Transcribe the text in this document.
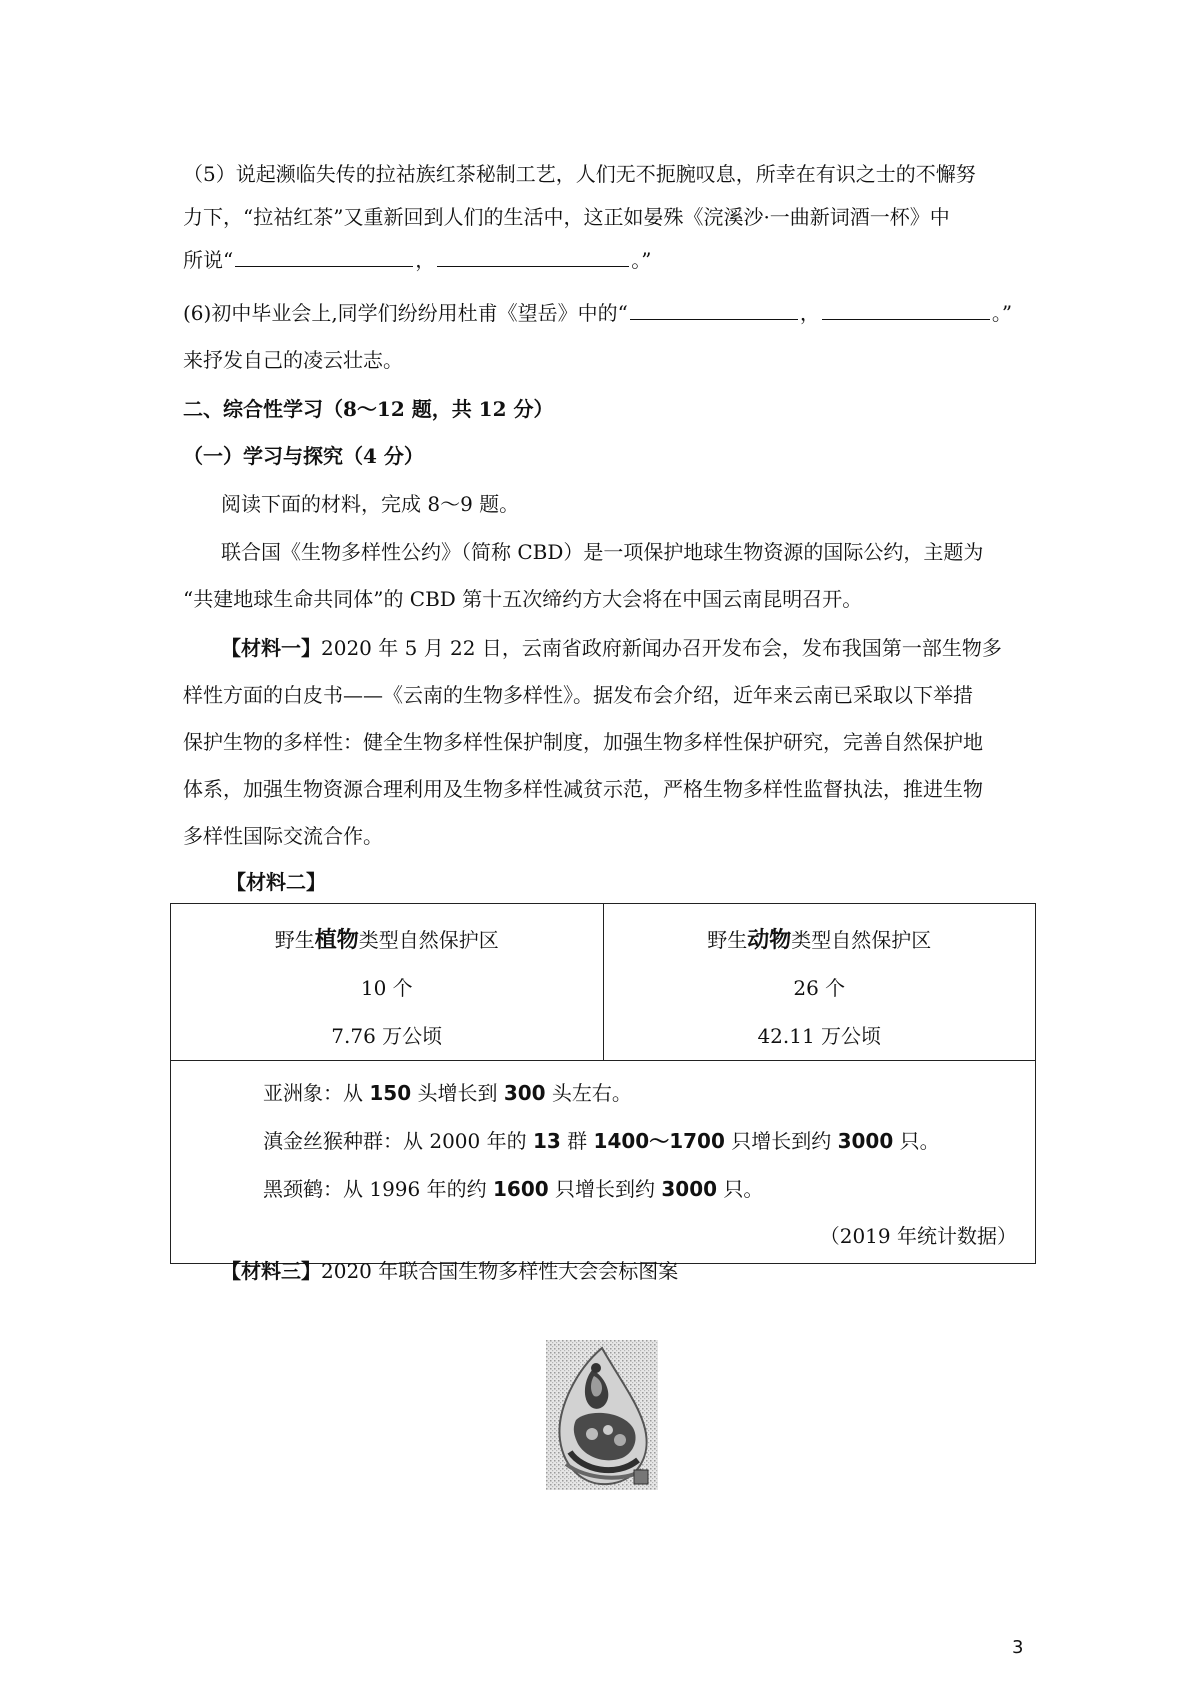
（5）说起濒临失传的拉祜族红茶秘制工艺，人们无不扼腕叹息，所幸在有识之士的不懈努
力下，“拉祜红茶”又重新回到人们的生活中，这正如晏殊《浣溪沙·一曲新词酒一杯》中
所说“	，	。”
(6)初中毕业会上,同学们纷纷用杜甫《望岳》中的“	，	。”
来抒发自己的凌云壮志。
二、综合性学习（8～12 题，共 12 分）
（一）学习与探究（4 分）
阅读下面的材料，完成 8～9 题。
联合国《生物多样性公约》（简称 CBD）是一项保护地球生物资源的国际公约，主题为
“共建地球生命共同体”的 CBD 第十五次缔约方大会将在中国云南昆明召开。
【材料一】2020 年 5 月 22 日，云南省政府新闻办召开发布会，发布我国第一部生物多
样性方面的白皮书——《云南的生物多样性》。据发布会介绍，近年来云南已采取以下举措
保护生物的多样性：健全生物多样性保护制度，加强生物多样性保护研究，完善自然保护地
体系，加强生物资源合理利用及生物多样性减贫示范，严格生物多样性监督执法，推进生物
多样性国际交流合作。
【材料二】
野生植物类型自然保护区
10 个
7.76 万公顷

野生动物类型自然保护区
26 个
42.11 万公顷

亚洲象：从 150 头增长到 300 头左右。
滇金丝猴种群：从 2000 年的 13 群 1400～1700 只增长到约 3000 只。
黑颈鹤：从 1996 年的约 1600 只增长到约 3000 只。
（2019 年统计数据）
【材料三】2020 年联合国生物多样性大会会标图案
3
